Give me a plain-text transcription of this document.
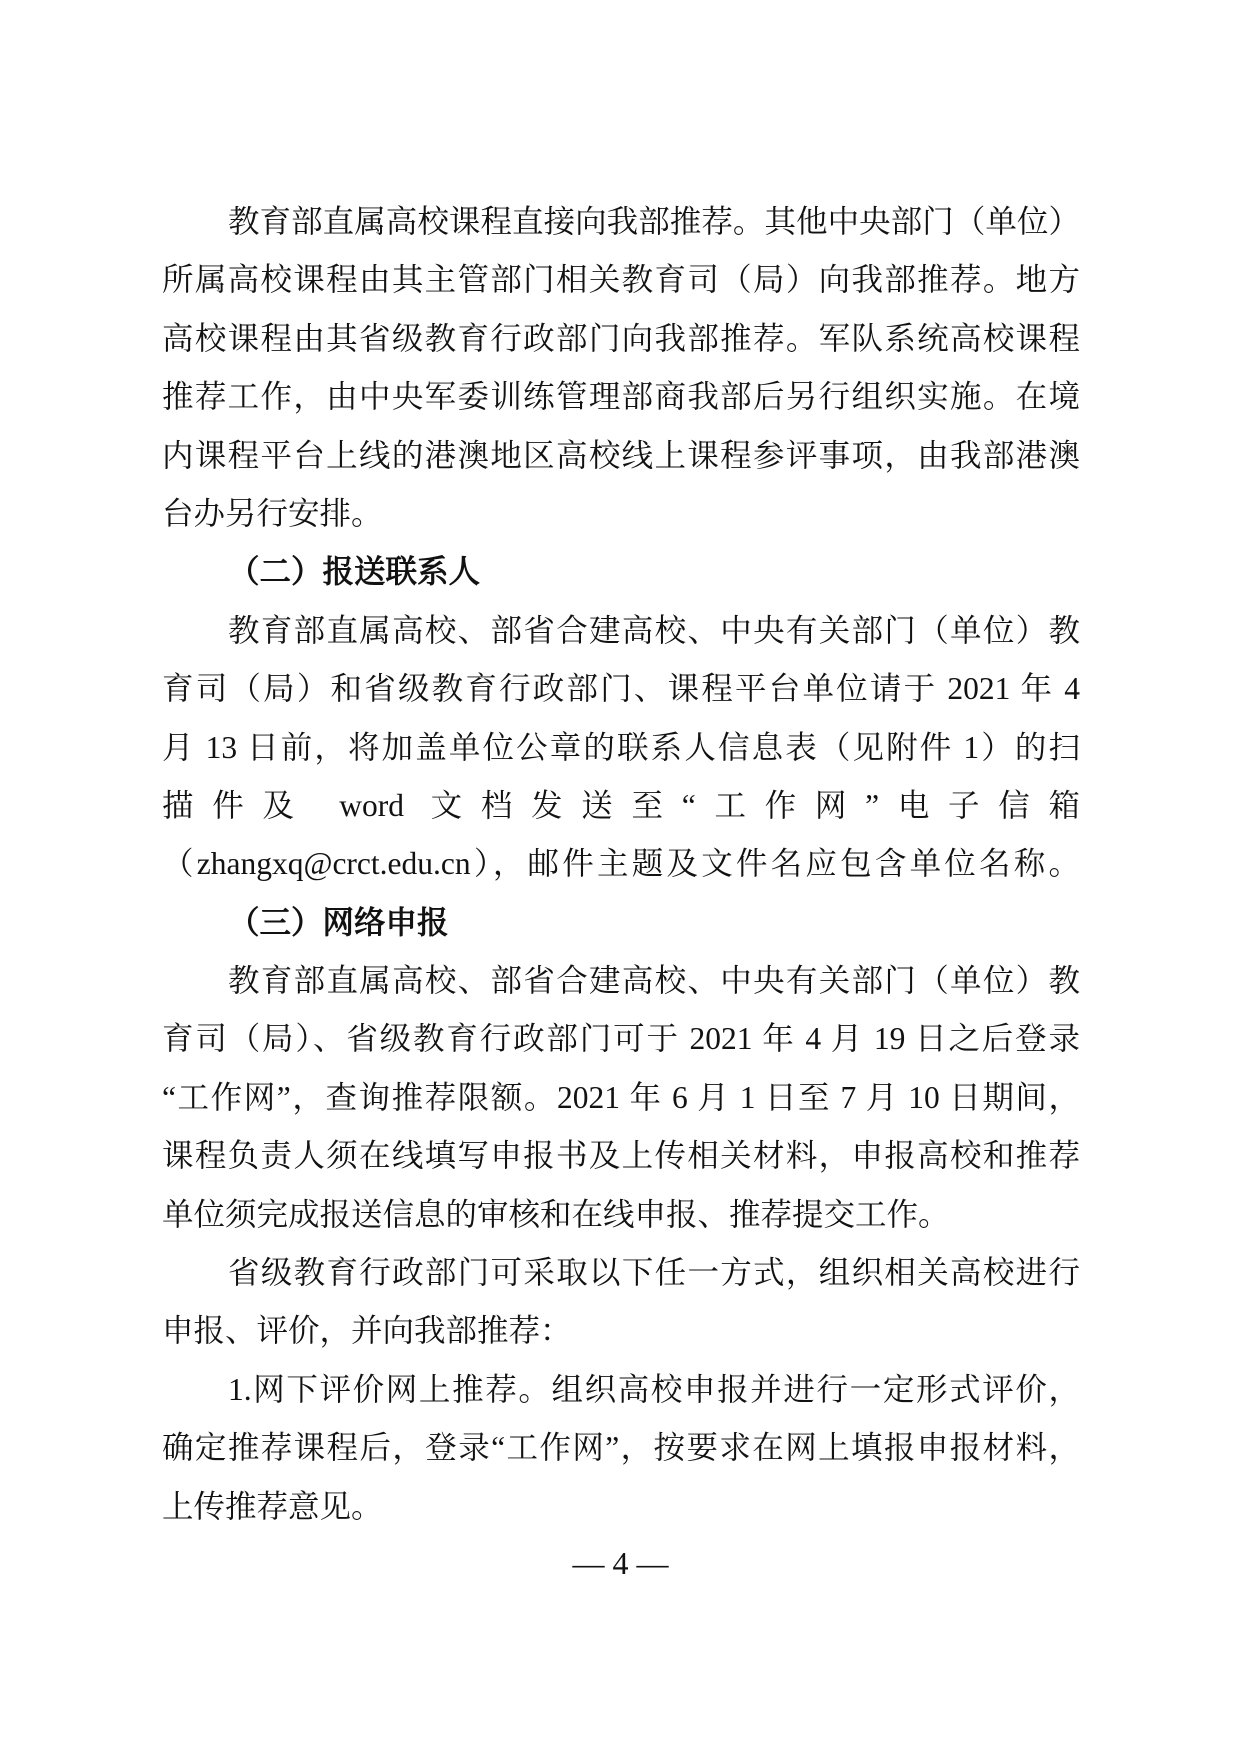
教育部直属高校课程直接向我部推荐。其他中央部门（单位）
所属高校课程由其主管部门相关教育司（局）向我部推荐。地方
高校课程由其省级教育行政部门向我部推荐。军队系统高校课程
推荐工作，由中央军委训练管理部商我部后另行组织实施。在境
内课程平台上线的港澳地区高校线上课程参评事项，由我部港澳
台办另行安排。
（二）报送联系人
教育部直属高校、部省合建高校、中央有关部门（单位）教
育司（局）和省级教育行政部门、课程平台单位请于 2021 年 4
月 13 日前，将加盖单位公章的联系人信息表（见附件 1）的扫
描件及 word 文档发送至“工作网”电子信箱
（zhangxq@crct.edu.cn），邮件主题及文件名应包含单位名称。
（三）网络申报
教育部直属高校、部省合建高校、中央有关部门（单位）教
育司（局）、省级教育行政部门可于 2021 年 4 月 19 日之后登录
“工作网”，查询推荐限额。2021 年 6 月 1 日至 7 月 10 日期间，
课程负责人须在线填写申报书及上传相关材料，申报高校和推荐
单位须完成报送信息的审核和在线申报、推荐提交工作。
省级教育行政部门可采取以下任一方式，组织相关高校进行
申报、评价，并向我部推荐：
1.网下评价网上推荐。组织高校申报并进行一定形式评价，
确定推荐课程后，登录“工作网”，按要求在网上填报申报材料，
上传推荐意见。
— 4 —
